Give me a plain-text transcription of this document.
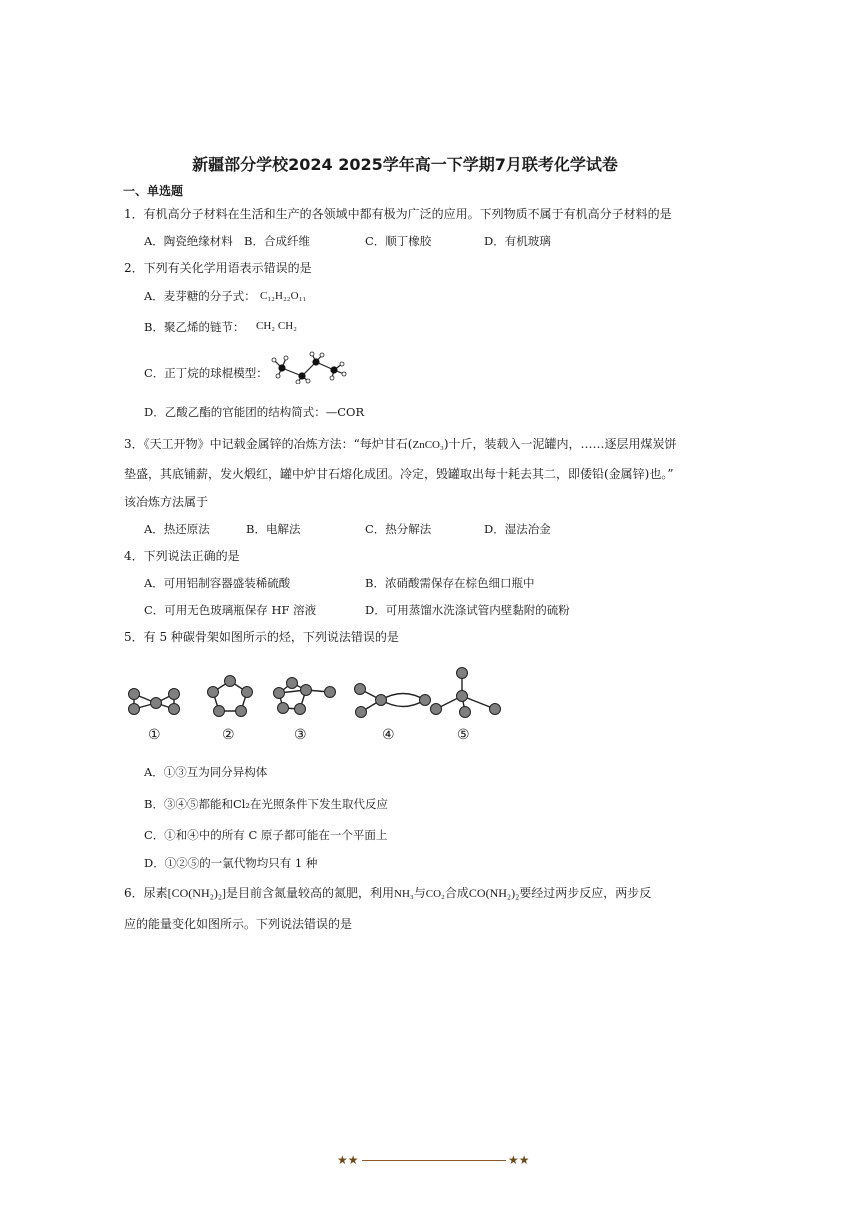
新疆部分学校2024 2025学年高一下学期7月联考化学试卷
一、单选题
1．有机高分子材料在生活和生产的各领域中都有极为广泛的应用。下列物质不属于有机高分子材料的是
A．陶瓷绝缘材料 B．合成纤维	C．顺丁橡胶	D．有机玻璃
2．下列有关化学用语表示错误的是
A．麦芽糖的分子式： C₁₂H₂₂O₁₁
B．聚乙烯的链节： CH₂ CH₂
C．正丁烷的球棍模型：
D．乙酸乙酯的官能团的结构简式：—COR
3．《天工开物》中记载金属锌的冶炼方法：“每炉甘石(ZnCO₃)十斤，装载入一泥罐内，……逐层用煤炭饼
垫盛，其底铺薪，发火煅红，罐中炉甘石熔化成团。冷定，毁罐取出每十耗去其二，即倭铅(金属锌)也。”
该冶炼方法属于
A．热还原法	B．电解法	C．热分解法	D．湿法冶金
4．下列说法正确的是
A．可用铝制容器盛装稀硫酸	B．浓硝酸需保存在棕色细口瓶中
C．可用无色玻璃瓶保存 HF 溶液	D．可用蒸馏水洗涤试管内壁黏附的硫粉
5．有 5 种碳骨架如图所示的烃，下列说法错误的是
①	②	③	④	⑤
A．①③互为同分异构体
B．③④⑤都能和Cl₂在光照条件下发生取代反应
C．①和④中的所有 C 原子都可能在一个平面上
D．①②⑤的一氯代物均只有 1 种
6．尿素[CO(NH₂)₂]是目前含氮量较高的氮肥，利用NH₃与CO₂合成CO(NH₂)₂要经过两步反应，两步反
应的能量变化如图所示。下列说法错误的是
★★	★★
